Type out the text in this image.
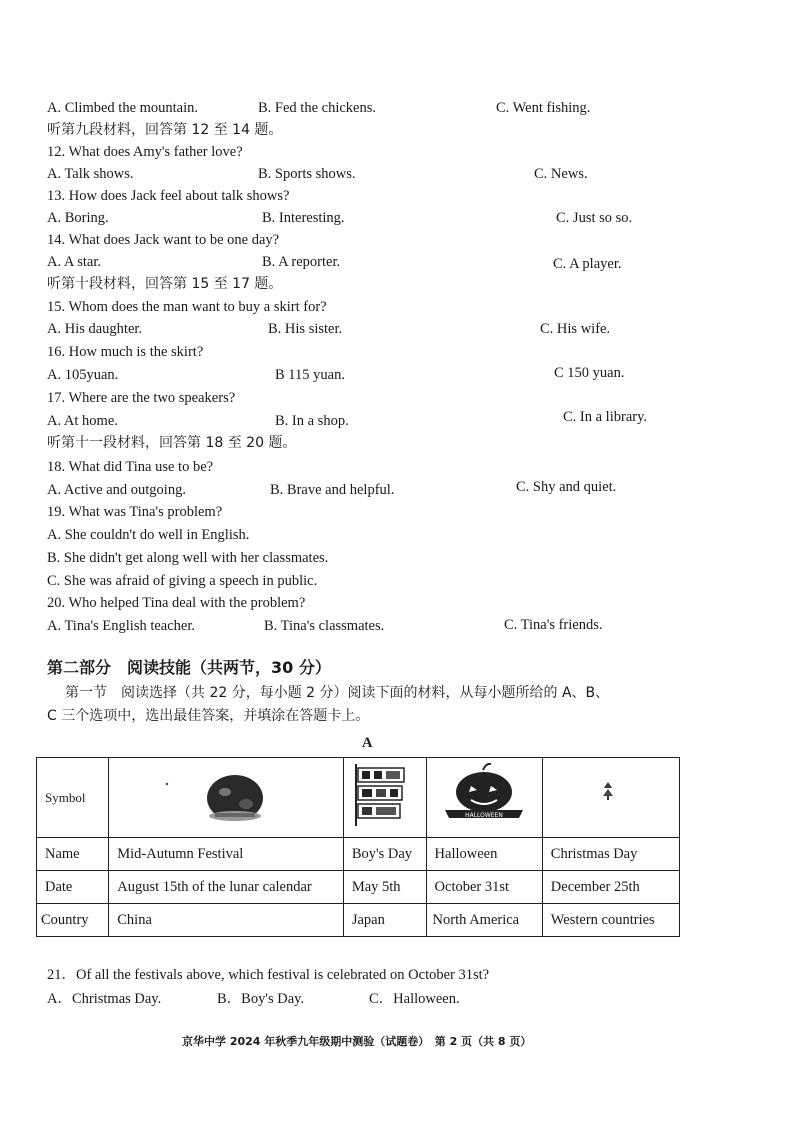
A. Climbed the mountain.	B. Fed the chickens.	C. Went fishing.
听第九段材料，回答第 12 至 14 题。
12. What does Amy's father love?
A. Talk shows.	B. Sports shows.	C. News.
13. How does Jack feel about talk shows?
A. Boring.	B. Interesting.	C. Just so so.
14. What does Jack want to be one day?
A. A star.	B. A reporter.	C. A player.
听第十段材料，回答第 15 至 17 题。
15. Whom does the man want to buy a skirt for?
A. His daughter.	B. His sister.	C. His wife.
16. How much is the skirt?
A. 105yuan.	B 115 yuan.	C 150 yuan.
17. Where are the two speakers?
A. At home.	B. In a shop.	C. In a library.
听第十一段材料，回答第 18 至 20 题。
18. What did Tina use to be?
A. Active and outgoing.	B. Brave and helpful.	C. Shy and quiet.
19. What was Tina's problem?
A. She couldn't do well in English.
B. She didn't get along well with her classmates.
C. She was afraid of giving a speech in public.
20. Who helped Tina deal with the problem?
A. Tina's English teacher.	B. Tina's classmates.	C. Tina's friends.
第二部分　阅读技能（共两节，30 分）
第一节　阅读选择（共 22 分，每小题 2 分）阅读下面的材料，从每小题所给的 A、B、
C 三个选项中，选出最佳答案，并填涂在答题卡上。
A
Symbol			HALLOWEEN

Name	Mid-Autumn Festival	Boy's Day	Halloween	Christmas Day
Date	August 15th of the lunar calendar	May 5th	October 31st	December 25th
Country	China	Japan	North America	Western countries
21．Of all the festivals above, which festival is celebrated on October 31st?
A．Christmas Day.	B．Boy's Day.	C．Halloween.
京华中学 2024 年秋季九年级期中测验（试题卷）　第 2 页（共 8 页）
